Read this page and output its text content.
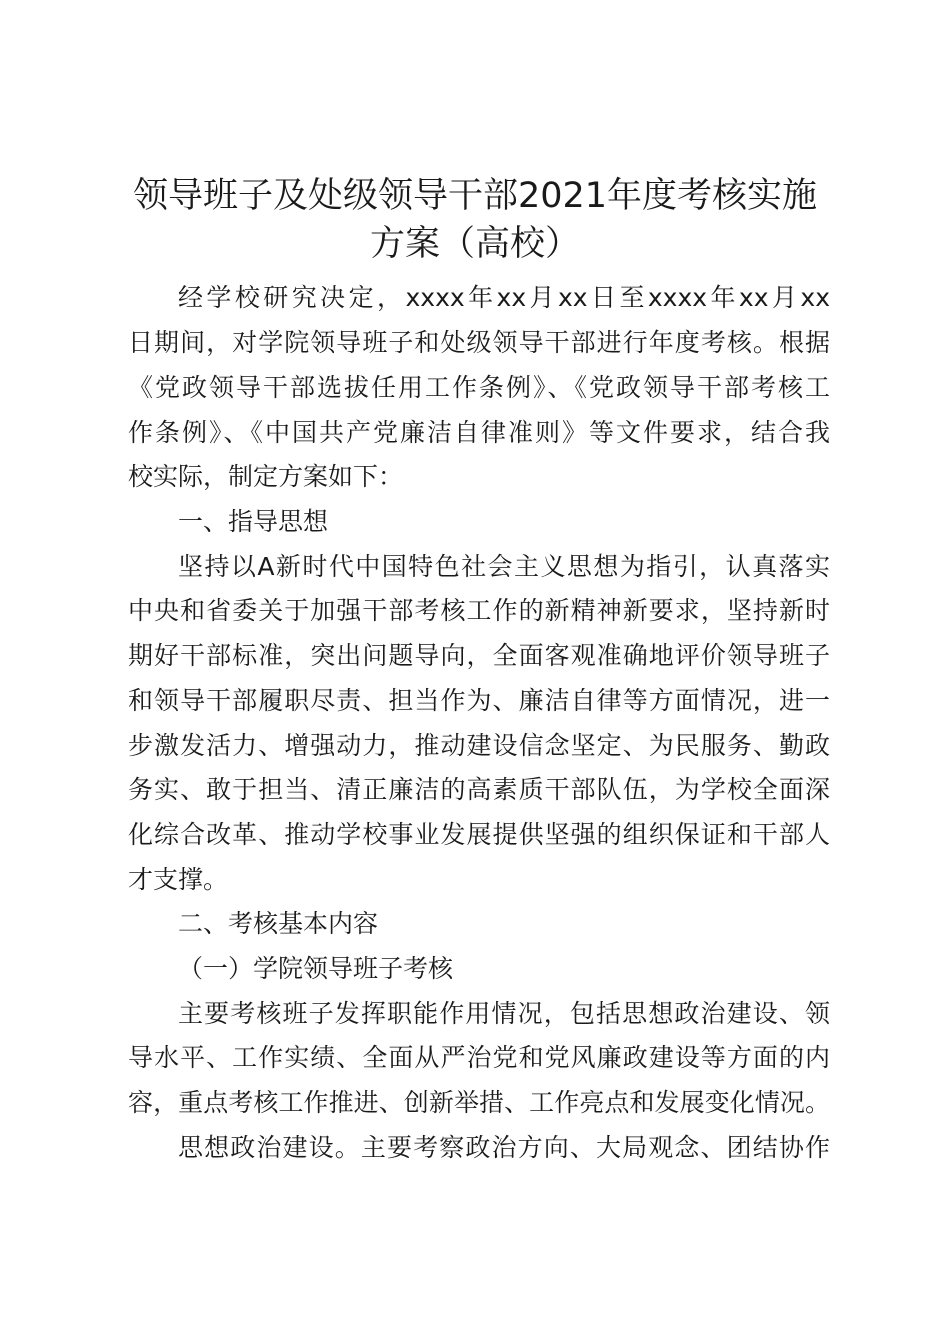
领导班子及处级领导干部2021年度考核实施
方案（高校）

经学校研究决定，xxxx年xx月xx日至xxxx年xx月xx

日期间，对学院领导班子和处级领导干部进行年度考核。根据

《党政领导干部选拔任用工作条例》、《党政领导干部考核工

作条例》、《中国共产党廉洁自律准则》等文件要求，结合我

校实际，制定方案如下：

一、指导思想

坚持以A新时代中国特色社会主义思想为指引，认真落实

中央和省委关于加强干部考核工作的新精神新要求，坚持新时

期好干部标准，突出问题导向，全面客观准确地评价领导班子

和领导干部履职尽责、担当作为、廉洁自律等方面情况，进一

步激发活力、增强动力，推动建设信念坚定、为民服务、勤政

务实、敢于担当、清正廉洁的高素质干部队伍，为学校全面深

化综合改革、推动学校事业发展提供坚强的组织保证和干部人

才支撑。

二、考核基本内容

（一）学院领导班子考核

主要考核班子发挥职能作用情况，包括思想政治建设、领

导水平、工作实绩、全面从严治党和党风廉政建设等方面的内

容，重点考核工作推进、创新举措、工作亮点和发展变化情况。

思想政治建设。主要考察政治方向、大局观念、团结协作
